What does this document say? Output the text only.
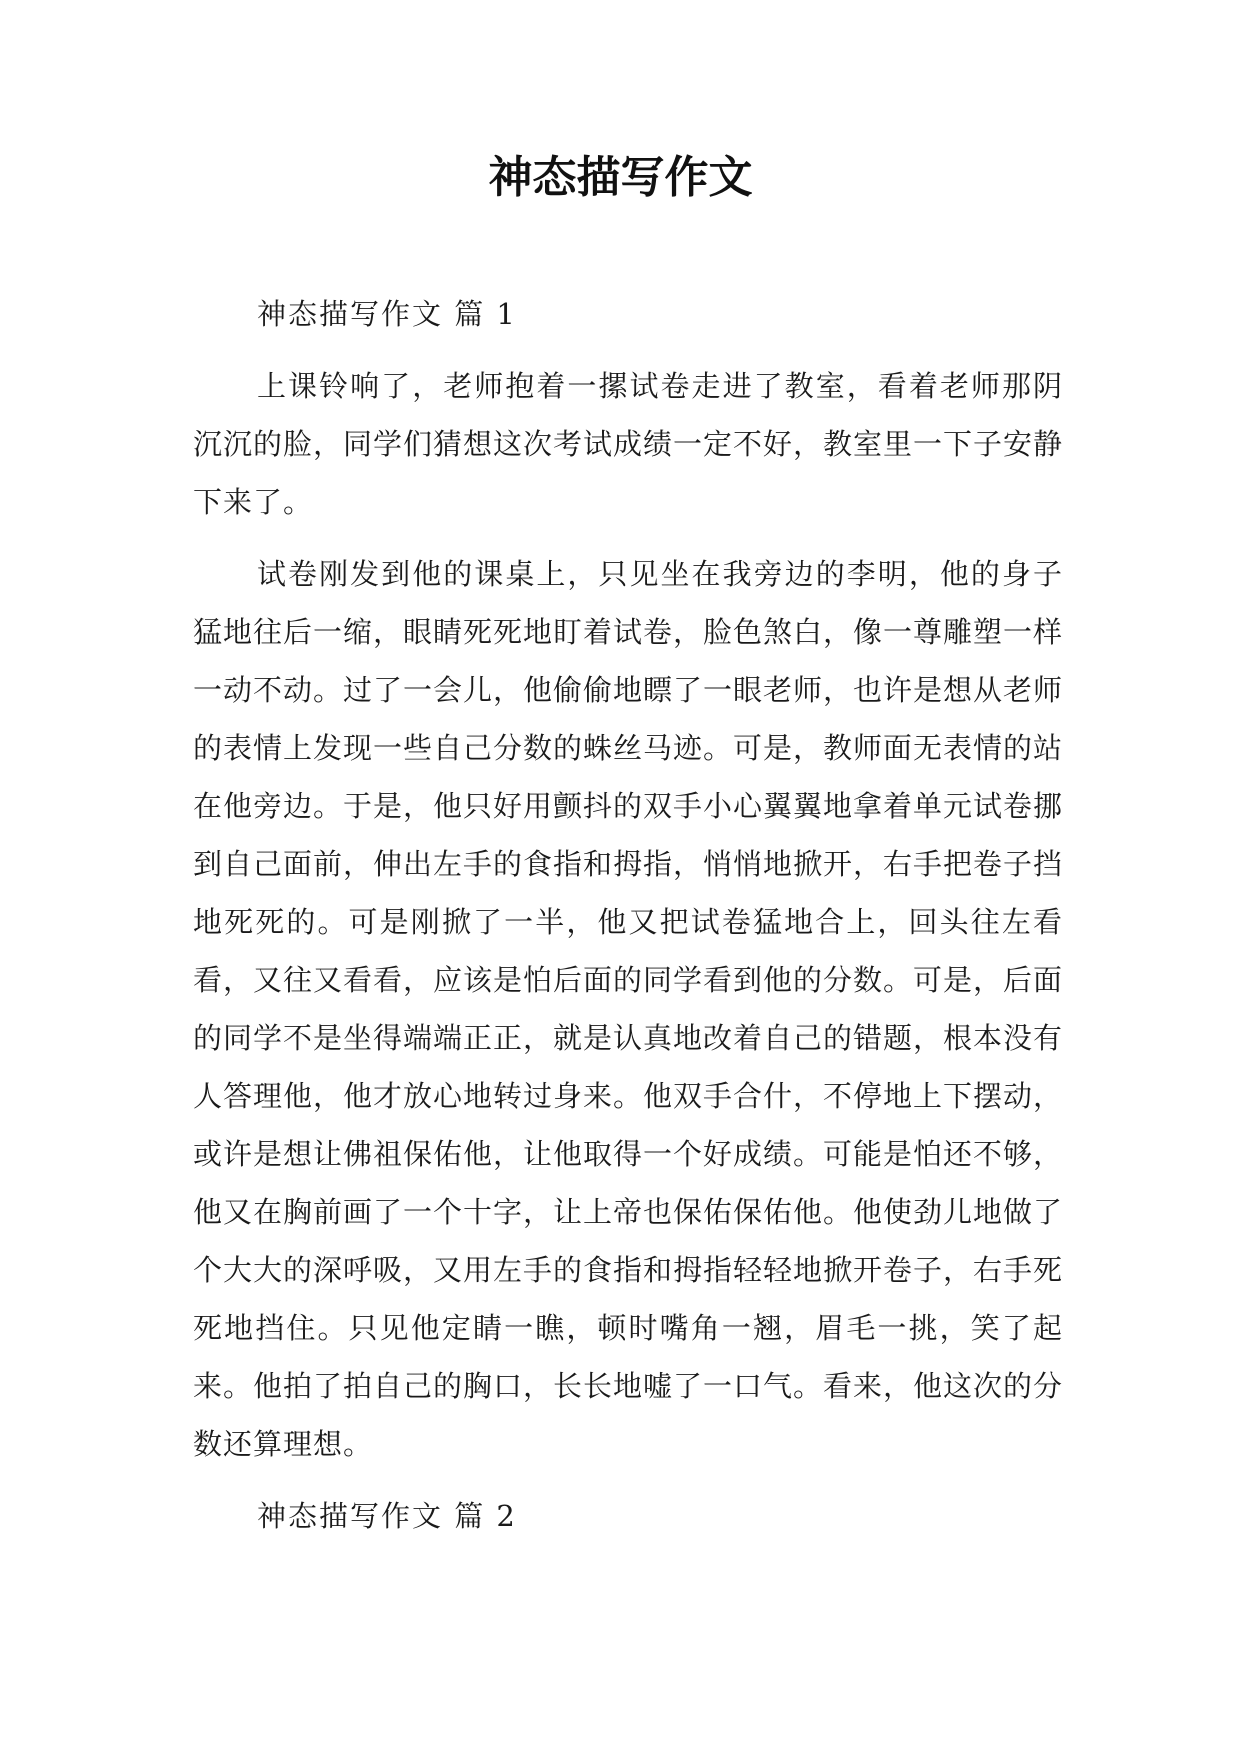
神态描写作文
神态描写作文 篇 1

上课铃响了，老师抱着一摞试卷走进了教室，看着老师那阴沉沉的脸，同学们猜想这次考试成绩一定不好，教室里一下子安静下来了。

试卷刚发到他的课桌上，只见坐在我旁边的李明，他的身子猛地往后一缩，眼睛死死地盯着试卷，脸色煞白，像一尊雕塑一样一动不动。过了一会儿，他偷偷地瞟了一眼老师，也许是想从老师的表情上发现一些自己分数的蛛丝马迹。可是，教师面无表情的站在他旁边。于是，他只好用颤抖的双手小心翼翼地拿着单元试卷挪到自己面前，伸出左手的食指和拇指，悄悄地掀开，右手把卷子挡地死死的。可是刚掀了一半，他又把试卷猛地合上，回头往左看看，又往又看看，应该是怕后面的同学看到他的分数。可是，后面的同学不是坐得端端正正，就是认真地改着自己的错题，根本没有人答理他，他才放心地转过身来。他双手合什，不停地上下摆动，或许是想让佛祖保佑他，让他取得一个好成绩。可能是怕还不够，他又在胸前画了一个十字，让上帝也保佑保佑他。他使劲儿地做了个大大的深呼吸，又用左手的食指和拇指轻轻地掀开卷子，右手死死地挡住。只见他定睛一瞧，顿时嘴角一翘，眉毛一挑，笑了起来。他拍了拍自己的胸口，长长地嘘了一口气。看来，他这次的分数还算理想。

神态描写作文 篇 2
